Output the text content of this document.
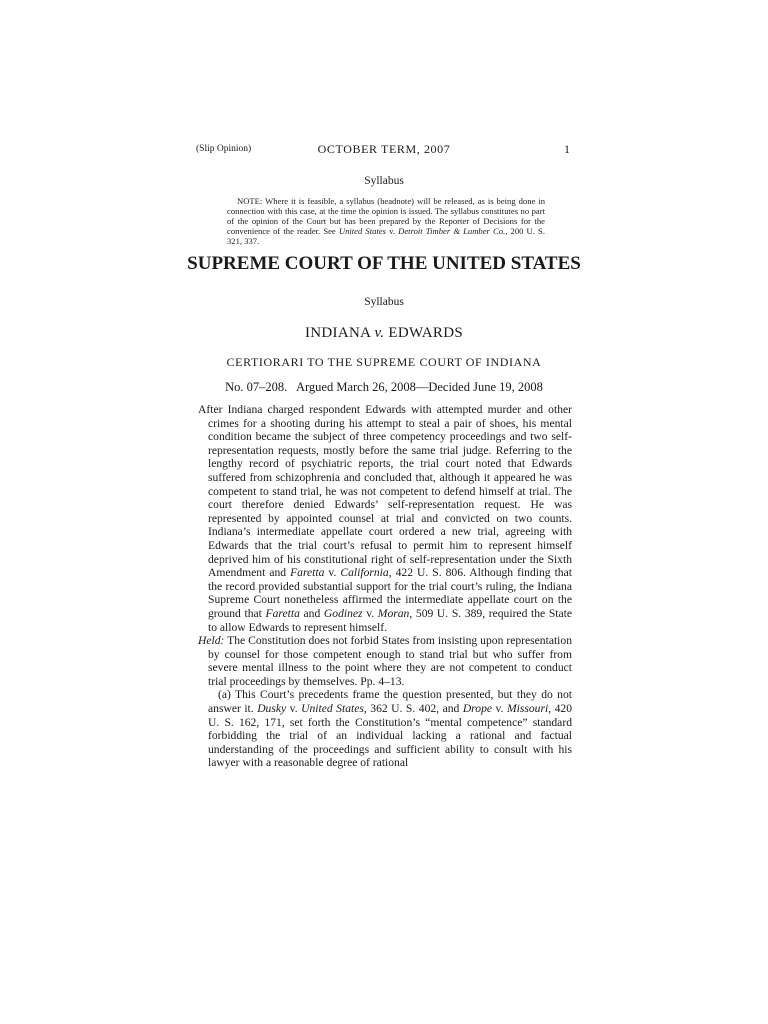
(Slip Opinion)	OCTOBER TERM, 2007	1
Syllabus
NOTE: Where it is feasible, a syllabus (headnote) will be released, as is being done in connection with this case, at the time the opinion is issued. The syllabus constitutes no part of the opinion of the Court but has been prepared by the Reporter of Decisions for the convenience of the reader. See United States v. Detroit Timber & Lumber Co., 200 U. S. 321, 337.
SUPREME COURT OF THE UNITED STATES
Syllabus
INDIANA v. EDWARDS
CERTIORARI TO THE SUPREME COURT OF INDIANA
No. 07–208.   Argued March 26, 2008—Decided June 19, 2008

After Indiana charged respondent Edwards with attempted murder and other crimes for a shooting during his attempt to steal a pair of shoes, his mental condition became the subject of three competency proceedings and two self-representation requests, mostly before the same trial judge. Referring to the lengthy record of psychiatric reports, the trial court noted that Edwards suffered from schizophrenia and concluded that, although it appeared he was competent to stand trial, he was not competent to defend himself at trial. The court therefore denied Edwards’ self-representation request. He was represented by appointed counsel at trial and convicted on two counts. Indiana’s intermediate appellate court ordered a new trial, agreeing with Edwards that the trial court’s refusal to permit him to represent himself deprived him of his constitutional right of self-representation under the Sixth Amendment and Faretta v. California, 422 U. S. 806. Although finding that the record provided substantial support for the trial court’s ruling, the Indiana Supreme Court nonetheless affirmed the intermediate appellate court on the ground that Faretta and Godinez v. Moran, 509 U. S. 389, required the State to allow Edwards to represent himself.

Held: The Constitution does not forbid States from insisting upon representation by counsel for those competent enough to stand trial but who suffer from severe mental illness to the point where they are not competent to conduct trial proceedings by themselves. Pp. 4–13.

(a) This Court’s precedents frame the question presented, but they do not answer it. Dusky v. United States, 362 U. S. 402, and Drope v. Missouri, 420 U. S. 162, 171, set forth the Constitution’s “mental competence” standard forbidding the trial of an individual lacking a rational and factual understanding of the proceedings and sufficient ability to consult with his lawyer with a reasonable degree of rational
